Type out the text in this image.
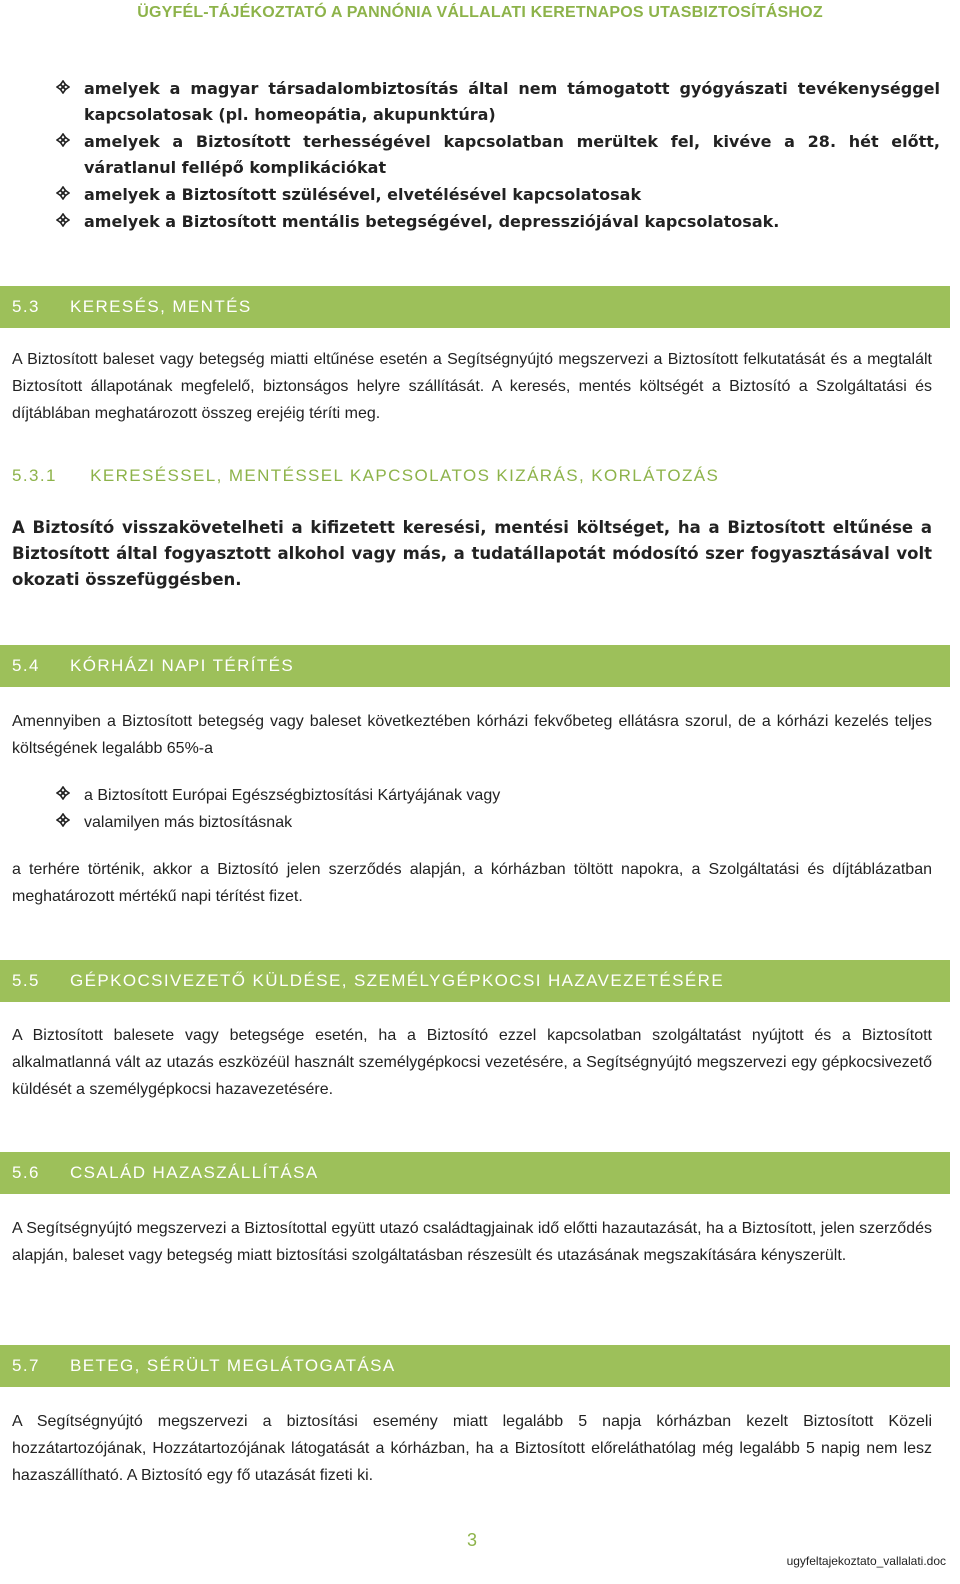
ÜGYFÉL-TÁJÉKOZTATÓ A PANNÓNIA VÁLLALATI KERETNAPOS UTASBIZTOSÍTÁSHOZ
amelyek a magyar társadalombiztosítás által nem támogatott gyógyászati tevékenységgel kapcsolatosak (pl. homeopátia, akupunktúra)
amelyek a Biztosított terhességével kapcsolatban merültek fel, kivéve a 28. hét előtt, váratlanul fellépő komplikációkat
amelyek a Biztosított szülésével, elvetélésével kapcsolatosak
amelyek a Biztosított mentális betegségével, depressziójával kapcsolatosak.
5.3	KERESÉS, MENTÉS

A Biztosított baleset vagy betegség miatti eltűnése esetén a Segítségnyújtó megszervezi a Biztosított felkutatását és a megtalált Biztosított állapotának megfelelő, biztonságos helyre szállítását. A keresés, mentés költségét a Biztosító a Szolgáltatási és díjtáblában meghatározott összeg erejéig téríti meg.

5.3.1 KERESÉSSEL, MENTÉSSEL KAPCSOLATOS KIZÁRÁS, KORLÁTOZÁS

A Biztosító visszakövetelheti a kifizetett keresési, mentési költséget, ha a Biztosított eltűnése a Biztosított által fogyasztott alkohol vagy más, a tudatállapotát módosító szer fogyasztásával volt okozati összefüggésben.

5.4	KÓRHÁZI NAPI TÉRÍTÉS

Amennyiben a Biztosított betegség vagy baleset következtében kórházi fekvőbeteg ellátásra szorul, de a kórházi kezelés teljes költségének legalább 65%-a

a Biztosított Európai Egészségbiztosítási Kártyájának vagy
valamilyen más biztosításnak

a terhére történik, akkor a Biztosító jelen szerződés alapján, a kórházban töltött napokra, a Szolgáltatási és díjtáblázatban meghatározott mértékű napi térítést fizet.

5.5	GÉPKOCSIVEZETŐ KÜLDÉSE, SZEMÉLYGÉPKOCSI HAZAVEZETÉSÉRE

A Biztosított balesete vagy betegsége esetén, ha a Biztosító ezzel kapcsolatban szolgáltatást nyújtott és a Biztosított alkalmatlanná vált az utazás eszközéül használt személygépkocsi vezetésére, a Segítségnyújtó megszervezi egy gépkocsivezető küldését a személygépkocsi hazavezetésére.

5.6	CSALÁD HAZASZÁLLÍTÁSA

A Segítségnyújtó megszervezi a Biztosítottal együtt utazó családtagjainak idő előtti hazautazását, ha a Biztosított, jelen szerződés alapján, baleset vagy betegség miatt biztosítási szolgáltatásban részesült és utazásának megszakítására kényszerült.

5.7	BETEG, SÉRÜLT MEGLÁTOGATÁSA

A Segítségnyújtó megszervezi a biztosítási esemény miatt legalább 5 napja kórházban kezelt Biztosított Közeli hozzátartozójának, Hozzátartozójának látogatását a kórházban, ha a Biztosított előreláthatólag még legalább 5 napig nem lesz hazaszállítható. A Biztosító egy fő utazását fizeti ki.

3
ugyfeltajekoztato_vallalati.doc
